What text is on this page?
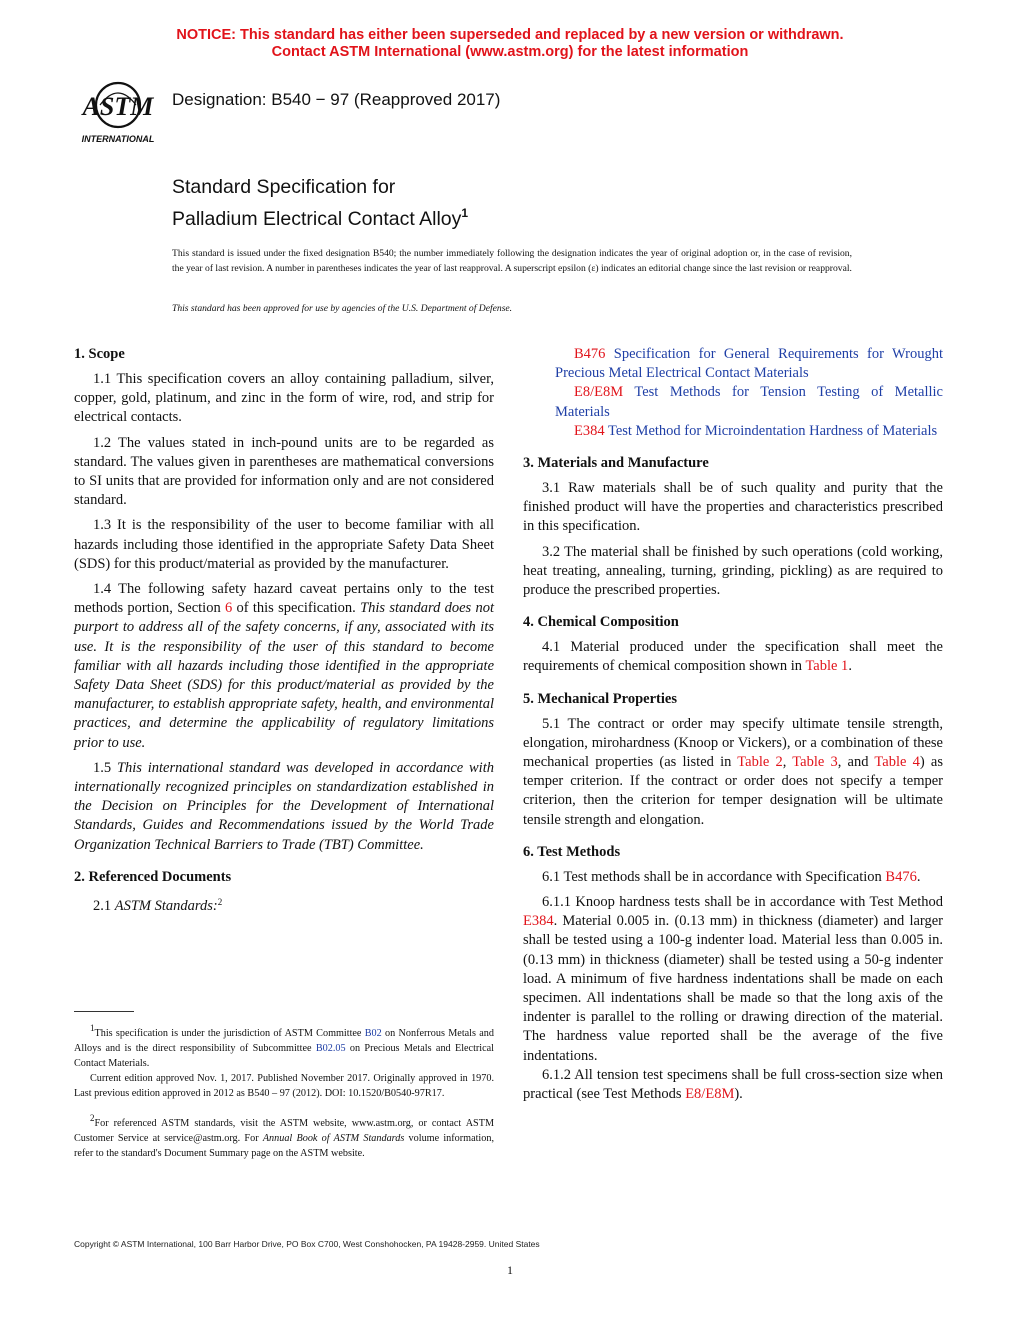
NOTICE: This standard has either been superseded and replaced by a new version or withdrawn.
Contact ASTM International (www.astm.org) for the latest information
ASTM
INTERNATIONAL
Designation: B540 − 97 (Reapproved 2017)
Standard Specification for
Palladium Electrical Contact Alloy$^1$
This standard is issued under the fixed designation B540; the number immediately following the designation indicates the year of original adoption or, in the case of revision, the year of last revision. A number in parentheses indicates the year of last reapproval. A superscript epsilon (ε) indicates an editorial change since the last revision or reapproval.
This standard has been approved for use by agencies of the U.S. Department of Defense.
1. Scope

1.1 This specification covers an alloy containing palladium, silver, copper, gold, platinum, and zinc in the form of wire, rod, and strip for electrical contacts.

1.2 The values stated in inch-pound units are to be regarded as standard. The values given in parentheses are mathematical conversions to SI units that are provided for information only and are not considered standard.

1.3 It is the responsibility of the user to become familiar with all hazards including those identified in the appropriate Safety Data Sheet (SDS) for this product/material as provided by the manufacturer.

1.4 The following safety hazard caveat pertains only to the test methods portion, Section 6 of this specification. This standard does not purport to address all of the safety concerns, if any, associated with its use. It is the responsibility of the user of this standard to become familiar with all hazards including those identified in the appropriate Safety Data Sheet (SDS) for this product/material as provided by the manufacturer, to establish appropriate safety, health, and environmental practices, and determine the applicability of regulatory limitations prior to use.

1.5 This international standard was developed in accordance with internationally recognized principles on standardization established in the Decision on Principles for the Development of International Standards, Guides and Recommendations issued by the World Trade Organization Technical Barriers to Trade (TBT) Committee.

2. Referenced Documents

2.1 ASTM Standards:$^2$

B476 Specification for General Requirements for Wrought Precious Metal Electrical Contact Materials

E8/E8M Test Methods for Tension Testing of Metallic Materials

E384 Test Method for Microindentation Hardness of Materials

3. Materials and Manufacture

3.1 Raw materials shall be of such quality and purity that the finished product will have the properties and characteristics prescribed in this specification.

3.2 The material shall be finished by such operations (cold working, heat treating, annealing, turning, grinding, pickling) as are required to produce the prescribed properties.

4. Chemical Composition

4.1 Material produced under the specification shall meet the requirements of chemical composition shown in Table 1.

5. Mechanical Properties

5.1 The contract or order may specify ultimate tensile strength, elongation, mirohardness (Knoop or Vickers), or a combination of these mechanical properties (as listed in Table 2, Table 3, and Table 4) as temper criterion. If the contract or order does not specify a temper criterion, then the criterion for temper designation will be ultimate tensile strength and elongation.

6. Test Methods

6.1 Test methods shall be in accordance with Specification B476.

6.1.1 Knoop hardness tests shall be in accordance with Test Method E384. Material 0.005 in. (0.13 mm) in thickness (diameter) and larger shall be tested using a 100-g indenter load. Material less than 0.005 in. (0.13 mm) in thickness (diameter) shall be tested using a 50-g indenter load. A minimum of five hardness indentations shall be made on each specimen. All indentations shall be made so that the long axis of the indenter is parallel to the rolling or drawing direction of the material. The hardness value reported shall be the average of the five indentations.

6.1.2 All tension test specimens shall be full cross-section size when practical (see Test Methods E8/E8M).

$^1$This specification is under the jurisdiction of ASTM Committee B02 on Nonferrous Metals and Alloys and is the direct responsibility of Subcommittee B02.05 on Precious Metals and Electrical Contact Materials.

Current edition approved Nov. 1, 2017. Published November 2017. Originally approved in 1970. Last previous edition approved in 2012 as B540 – 97 (2012). DOI: 10.1520/B0540-97R17.

$^2$For referenced ASTM standards, visit the ASTM website, www.astm.org, or contact ASTM Customer Service at service@astm.org. For Annual Book of ASTM Standards volume information, refer to the standard's Document Summary page on the ASTM website.

Copyright © ASTM International, 100 Barr Harbor Drive, PO Box C700, West Conshohocken, PA 19428-2959. United States
1
